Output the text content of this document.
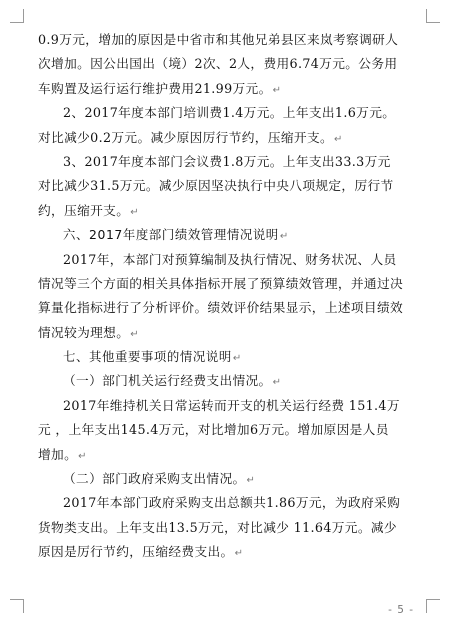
0.9万元，增加的原因是中省市和其他兄弟县区来岚考察调研人
次增加。因公出国出（境）2次、2人，费用6.74万元。公务用
车购置及运行运行维护费用21.99万元。↵
2、2017年度本部门培训费1.4万元。上年支出1.6万元。
对比减少0.2万元。减少原因厉行节约，压缩开支。↵
3、2017年度本部门会议费1.8万元。上年支出33.3万元
对比减少31.5万元。减少原因坚决执行中央八项规定，厉行节
约，压缩开支。↵
六、2017年度部门绩效管理情况说明↵
2017年，本部门对预算编制及执行情况、财务状况、人员
情况等三个方面的相关具体指标开展了预算绩效管理，并通过决
算量化指标进行了分析评价。绩效评价结果显示，上述项目绩效
情况较为理想。↵
七、其他重要事项的情况说明↵
（一）部门机关运行经费支出情况。↵
2017年维持机关日常运转而开支的机关运行经费 151.4万
元 ，上年支出145.4万元，对比增加6万元。增加原因是人员
增加。↵
（二）部门政府采购支出情况。↵
2017年本部门政府采购支出总额共1.86万元，为政府采购
货物类支出。上年支出13.5万元，对比减少 11.64万元。减少
原因是厉行节约，压缩经费支出。↵
- 5 -
